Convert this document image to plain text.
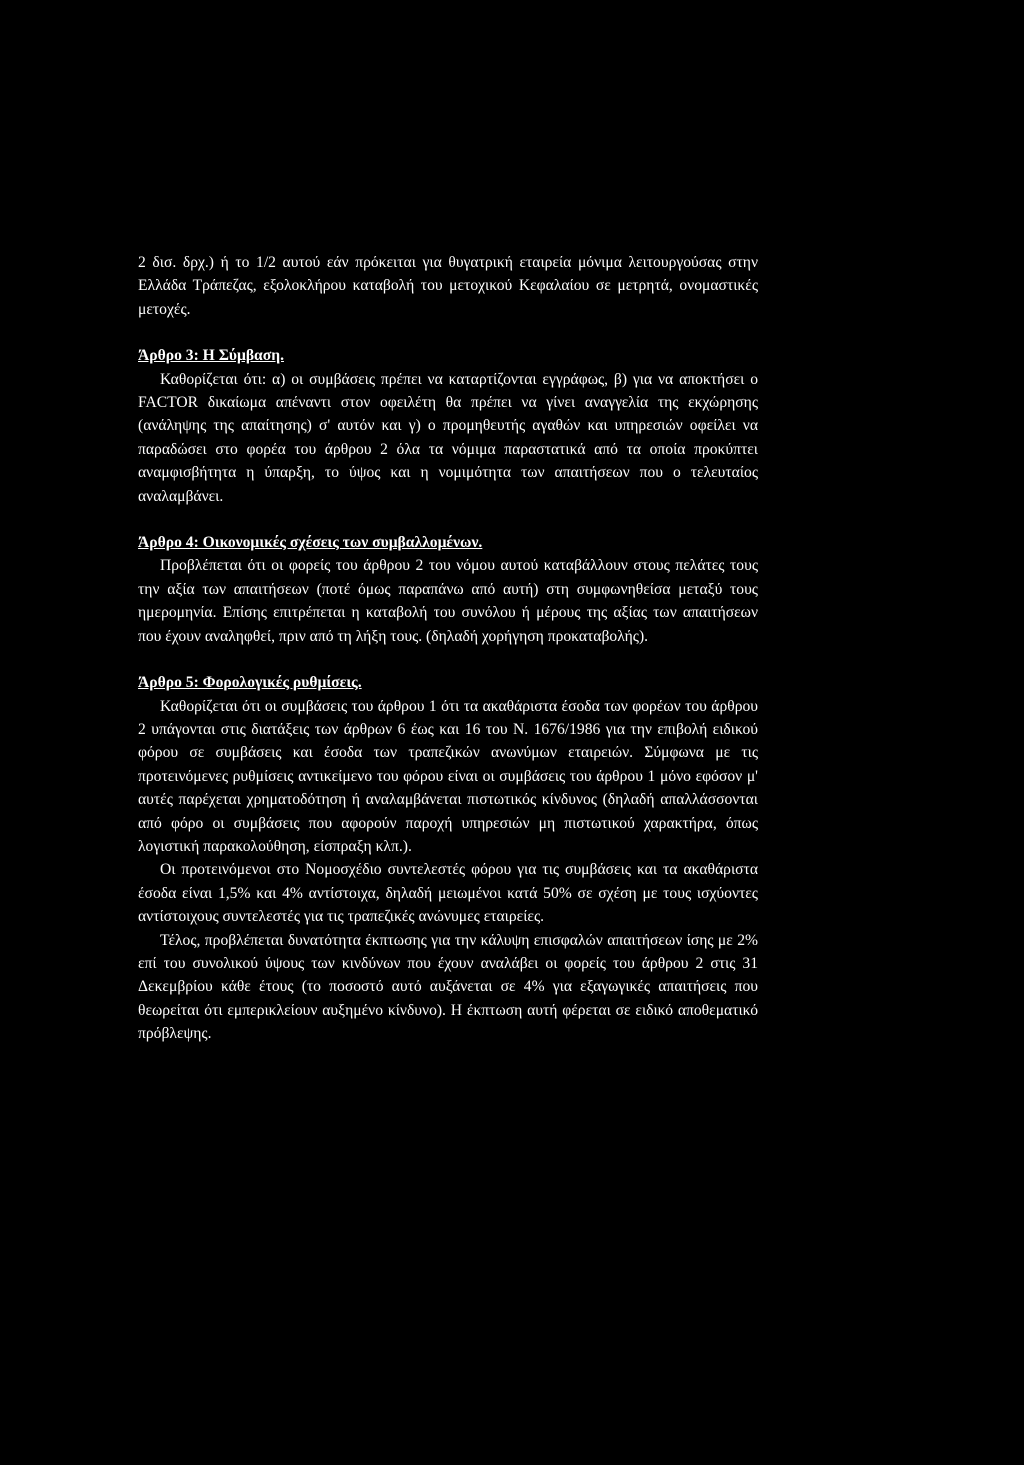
2 δισ. δρχ.) ή το 1/2 αυτού εάν πρόκειται για θυγατρική εταιρεία μόνιμα λειτουργούσας στην Ελλάδα Τράπεζας, εξολοκλήρου καταβολή του μετοχικού Κεφαλαίου σε μετρητά, ονομαστικές μετοχές.

Άρθρο 3: Η Σύμβαση.

Καθορίζεται ότι: α) οι συμβάσεις πρέπει να καταρτίζονται εγγράφως, β) για να αποκτήσει ο FACTOR δικαίωμα απέναντι στον οφειλέτη θα πρέπει να γίνει αναγγελία της εκχώρησης (ανάληψης της απαίτησης) σ' αυτόν και γ) ο προμηθευτής αγαθών και υπηρεσιών οφείλει να παραδώσει στο φορέα του άρθρου 2 όλα τα νόμιμα παραστατικά από τα οποία προκύπτει αναμφισβήτητα η ύπαρξη, το ύψος και η νομιμότητα των απαιτήσεων που ο τελευταίος αναλαμβάνει.

Άρθρο 4: Οικονομικές σχέσεις των συμβαλλομένων.

Προβλέπεται ότι οι φορείς του άρθρου 2 του νόμου αυτού καταβάλλουν στους πελάτες τους την αξία των απαιτήσεων (ποτέ όμως παραπάνω από αυτή) στη συμφωνηθείσα μεταξύ τους ημερομηνία. Επίσης επιτρέπεται η καταβολή του συνόλου ή μέρους της αξίας των απαιτήσεων που έχουν αναληφθεί, πριν από τη λήξη τους. (δηλαδή χορήγηση προκαταβολής).

Άρθρο 5: Φορολογικές ρυθμίσεις.

Καθορίζεται ότι οι συμβάσεις του άρθρου 1 ότι τα ακαθάριστα έσοδα των φορέων του άρθρου 2 υπάγονται στις διατάξεις των άρθρων 6 έως και 16 του Ν. 1676/1986 για την επιβολή ειδικού φόρου σε συμβάσεις και έσοδα των τραπεζικών ανωνύμων εταιρειών. Σύμφωνα με τις προτεινόμενες ρυθμίσεις αντικείμενο του φόρου είναι οι συμβάσεις του άρθρου 1 μόνο εφόσον μ' αυτές παρέχεται χρηματοδότηση ή αναλαμβάνεται πιστωτικός κίνδυνος (δηλαδή απαλλάσσονται από φόρο οι συμβάσεις που αφορούν παροχή υπηρεσιών μη πιστωτικού χαρακτήρα, όπως λογιστική παρακολούθηση, είσπραξη κλπ.).

Οι προτεινόμενοι στο Νομοσχέδιο συντελεστές φόρου για τις συμβάσεις και τα ακαθάριστα έσοδα είναι 1,5% και 4% αντίστοιχα, δηλαδή μειωμένοι κατά 50% σε σχέση με τους ισχύοντες αντίστοιχους συντελεστές για τις τραπεζικές ανώνυμες εταιρείες.

Τέλος, προβλέπεται δυνατότητα έκπτωσης για την κάλυψη επισφαλών απαιτήσεων ίσης με 2% επί του συνολικού ύψους των κινδύνων που έχουν αναλάβει οι φορείς του άρθρου 2 στις 31 Δεκεμβρίου κάθε έτους (το ποσοστό αυτό αυξάνεται σε 4% για εξαγωγικές απαιτήσεις που θεωρείται ότι εμπερικλείουν αυξημένο κίνδυνο). Η έκπτωση αυτή φέρεται σε ειδικό αποθεματικό πρόβλεψης.
